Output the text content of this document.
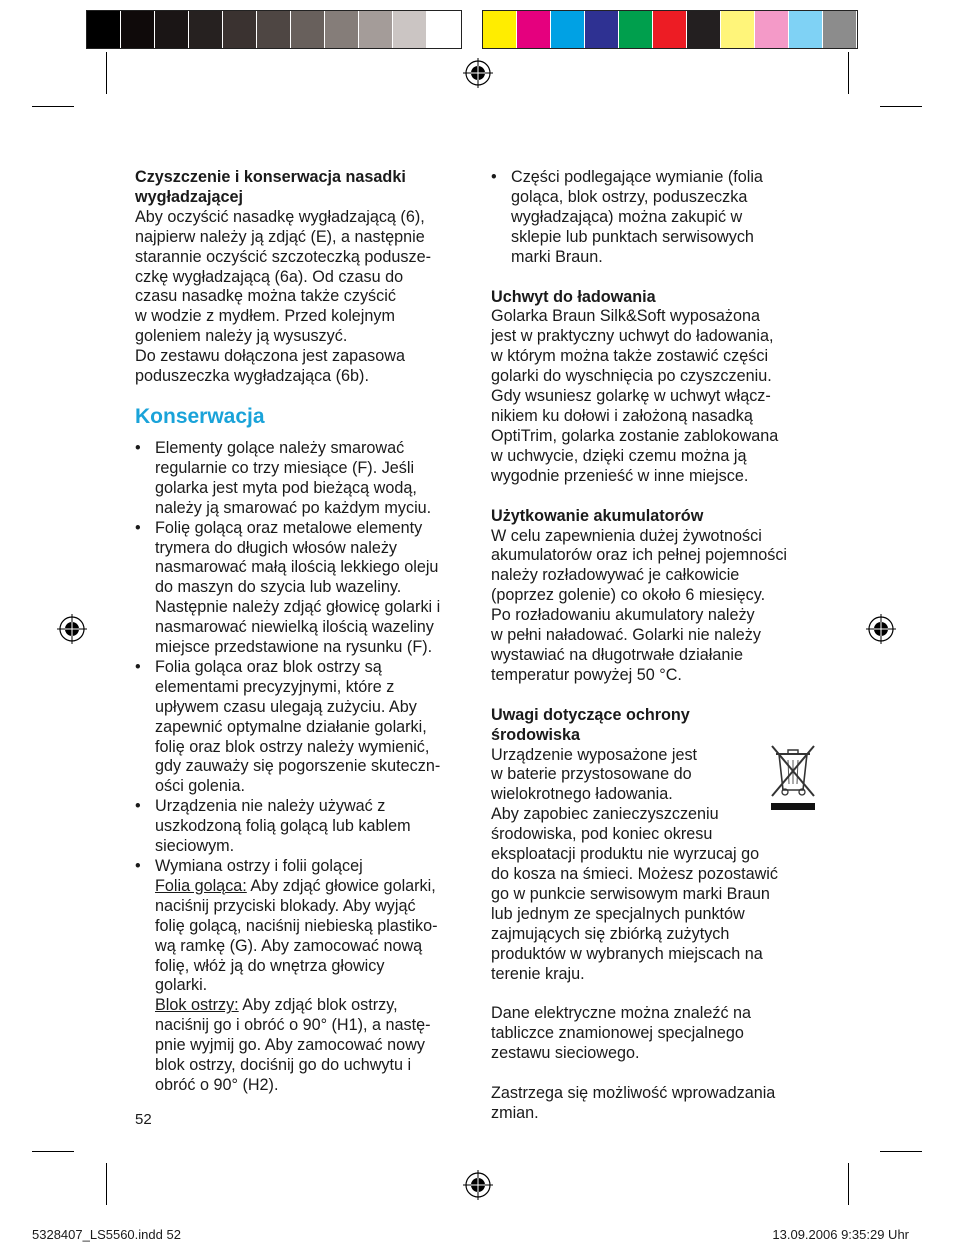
Czyszczenie i konserwacja nasadki
wygładzającej

Aby oczyścić nasadkę wygładzającą (6),
najpierw należy ją zdjąć (E), a następnie
starannie oczyścić szczoteczką podusze-
czkę wygładzającą (6a). Od czasu do
czasu nasadkę można także czyścić
w wodzie z mydłem. Przed kolejnym
goleniem należy ją wysuszyć.
Do zestawu dołączona jest zapasowa
poduszeczka wygładzająca (6b).

Konserwacja
• Elementy golące należy smarować
regularnie co trzy miesiące (F). Jeśli
golarka jest myta pod bieżącą wodą,
należy ją smarować po każdym myciu.
• Folię golącą oraz metalowe elementy
trymera do długich włosów należy
nasmarować małą ilością lekkiego oleju
do maszyn do szycia lub wazeliny.
Następnie należy zdjąć głowicę golarki i
nasmarować niewielką ilością wazeliny
miejsce przedstawione na rysunku (F).
• Folia goląca oraz blok ostrzy są
elementami precyzyjnymi, które z
upływem czasu ulegają zużyciu. Aby
zapewnić optymalne działanie golarki,
folię oraz blok ostrzy należy wymienić,
gdy zauważy się pogorszenie skuteczn-
ości golenia.
• Urządzenia nie należy używać z
uszkodzoną folią golącą lub kablem
sieciowym.
• Wymiana ostrzy i folii golącej
Folia goląca: Aby zdjąć głowice golarki,
naciśnij przyciski blokady. Aby wyjąć
folię golącą, naciśnij niebieską plastiko-
wą ramkę (G). Aby zamocować nową
folię, włóż ją do wnętrza głowicy
golarki.
Blok ostrzy: Aby zdjąć blok ostrzy,
naciśnij go i obróć o 90° (H1), a nastę-
pnie wyjmij go. Aby zamocować nowy
blok ostrzy, dociśnij go do uchwytu i
obróć o 90° (H2).
52
• Części podlegające wymianie (folia
goląca, blok ostrzy, poduszeczka
wygładzająca) można zakupić w
sklepie lub punktach serwisowych
marki Braun.

Uchwyt do ładowania

Golarka Braun Silk&Soft wyposażona
jest w praktyczny uchwyt do ładowania,
w którym można także zostawić części
golarki do wyschnięcia po czyszczeniu.
Gdy wsuniesz golarkę w uchwyt włącz-
nikiem ku dołowi i założoną nasadką
OptiTrim, golarka zostanie zablokowana
w uchwycie, dzięki czemu można ją
wygodnie przenieść w inne miejsce.

Użytkowanie akumulatorów

W celu zapewnienia dużej żywotności
akumulatorów oraz ich pełnej pojemności
należy rozładowywać je całkowicie
(poprzez golenie) co około 6 miesięcy.
Po rozładowaniu akumulatory należy
w pełni naładować. Golarki nie należy
wystawiać na długotrwałe działanie
temperatur powyżej 50 °C.

Uwagi dotyczące ochrony
środowiska

Urządzenie wyposażone jest
w baterie przystosowane do
wielokrotnego ładowania.
Aby zapobiec zanieczyszczeniu
środowiska, pod koniec okresu
eksploatacji produktu nie wyrzucaj go
do kosza na śmieci. Możesz pozostawić
go w punkcie serwisowym marki Braun
lub jednym ze specjalnych punktów
zajmujących się zbiórką zużytych
produktów w wybranych miejscach na
terenie kraju.

Dane elektryczne można znaleźć na
tabliczce znamionowej specjalnego
zestawu sieciowego.

Zastrzega się możliwość wprowadzania
zmian.

5328407_LS5560.indd 52	13.09.2006 9:35:29 Uhr
